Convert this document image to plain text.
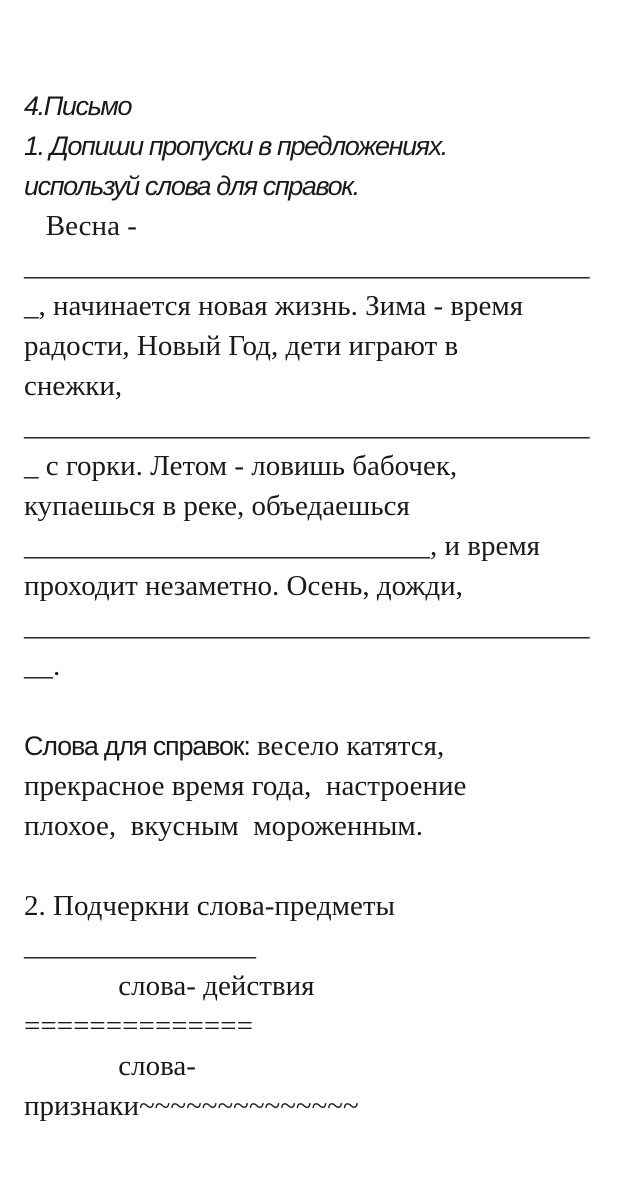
4.Письмо
1. Допиши пропуски в предложениях.
используй слова для справок.
Весна -
_______________________________________
_, начинается новая жизнь. Зима - время
радости, Новый Год, дети играют в
снежки,
_______________________________________
_ с горки. Летом - ловишь бабочек,
купаешься в реке, объедаешься
____________________________, и время
проходит незаметно. Осень, дожди,
_______________________________________
__.
Слова для справок: весело катятся,
прекрасное время года,  настроение
плохое,  вкусным  мороженным.
2. Подчеркни слова-предметы
________________
слова- действия
==============
слова-
признаки~~~~~~~~~~~~~~
